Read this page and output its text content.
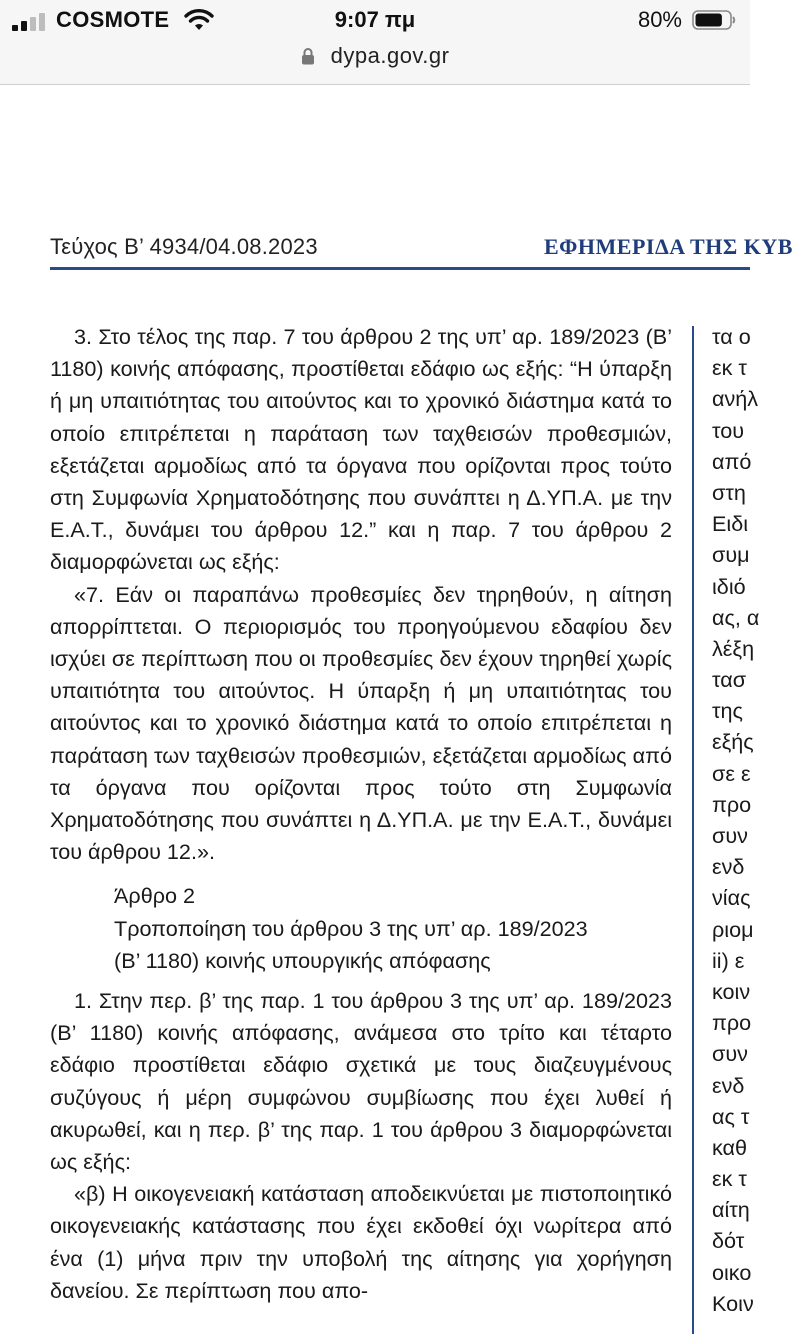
COSMOTE	9:07 πμ	80%
dypa.gov.gr
Τεύχος Β’ 4934/04.08.2023	ΕΦΗΜΕΡΙΔΑ ΤΗΣ ΚΥΒ

3. Στο τέλος της παρ. 7 του άρθρου 2 της υπ’ αρ. 189/2023 (Β’ 1180) κοινής απόφασης, προστίθεται εδάφιο ως εξής: “Η ύπαρξη ή μη υπαιτιότητας του αιτούντος και το χρονικό διάστημα κατά το οποίο επιτρέπεται η παράταση των ταχθεισών προθεσμιών, εξετάζεται αρμοδίως από τα όργανα που ορίζονται προς τούτο στη Συμφωνία Χρηματοδότησης που συνάπτει η Δ.ΥΠ.Α. με την Ε.Α.Τ., δυνάμει του άρθρου 12.” και η παρ. 7 του άρθρου 2 διαμορφώνεται ως εξής:

«7. Εάν οι παραπάνω προθεσμίες δεν τηρηθούν, η αίτηση απορρίπτεται. Ο περιορισμός του προηγούμενου εδαφίου δεν ισχύει σε περίπτωση που οι προθεσμίες δεν έχουν τηρηθεί χωρίς υπαιτιότητα του αιτούντος. Η ύπαρξη ή μη υπαιτιότητας του αιτούντος και το χρονικό διάστημα κατά το οποίο επιτρέπεται η παράταση των ταχθεισών προθεσμιών, εξετάζεται αρμοδίως από τα όργανα που ορίζονται προς τούτο στη Συμφωνία Χρηματοδότησης που συνάπτει η Δ.ΥΠ.Α. με την Ε.Α.Τ., δυνάμει του άρθρου 12.».

Άρθρο 2
Τροποποίηση του άρθρου 3 της υπ’ αρ. 189/2023
(Β’ 1180) κοινής υπουργικής απόφασης

1. Στην περ. β’ της παρ. 1 του άρθρου 3 της υπ’ αρ. 189/2023 (Β’ 1180) κοινής απόφασης, ανάμεσα στο τρίτο και τέταρτο εδάφιο προστίθεται εδάφιο σχετικά με τους διαζευγμένους συζύγους ή μέρη συμφώνου συμβίωσης που έχει λυθεί ή ακυρωθεί, και η περ. β’ της παρ. 1 του άρθρου 3 διαμορφώνεται ως εξής:

«β) Η οικογενειακή κατάσταση αποδεικνύεται με πιστοποιητικό οικογενειακής κατάστασης που έχει εκδοθεί όχι νωρίτερα από ένα (1) μήνα πριν την υποβολή της αίτησης για χορήγηση δανείου. Σε περίπτωση που απο-

τα ο
εκ τ
ανήλ
του
από
στη
Ειδι
συμ
ιδιό
ας, α
λέξη
τασ
της
εξής
σε ε
προ
συν
ενδ
νίας
ριομ
ii) ε
κοιν
προ
συν
ενδ
ας τ
καθ
εκ τ
αίτη
δότ
οικο
Κοιν
